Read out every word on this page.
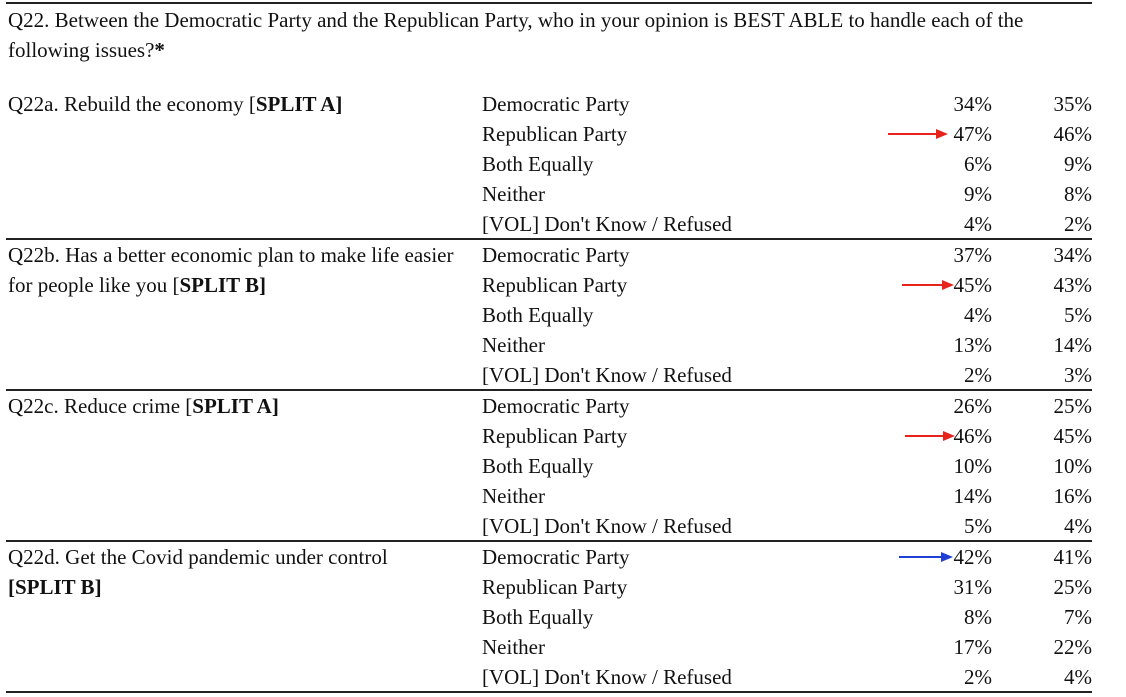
Q22. Between the Democratic Party and the Republican Party, who in your opinion is BEST ABLE to handle each of the following issues?*
Q22a. Rebuild the economy [SPLIT A]	Democratic Party	34%	35%
Republican Party	47%	46%
Both Equally	6%	9%
Neither	9%	8%
[VOL] Don't Know / Refused	4%	2%
Q22b. Has a better economic plan to make life easier for people like you [SPLIT B]
Democratic Party	37%	34%
Republican Party	45%	43%
Both Equally	4%	5%
Neither	13%	14%
[VOL] Don't Know / Refused	2%	3%
Q22c. Reduce crime [SPLIT A]	Democratic Party	26%	25%
Republican Party	46%	45%
Both Equally	10%	10%
Neither	14%	16%
[VOL] Don't Know / Refused	5%	4%
Q22d. Get the Covid pandemic under control [SPLIT B]
Democratic Party	42%	41%
Republican Party	31%	25%
Both Equally	8%	7%
Neither	17%	22%
[VOL] Don't Know / Refused	2%	4%
